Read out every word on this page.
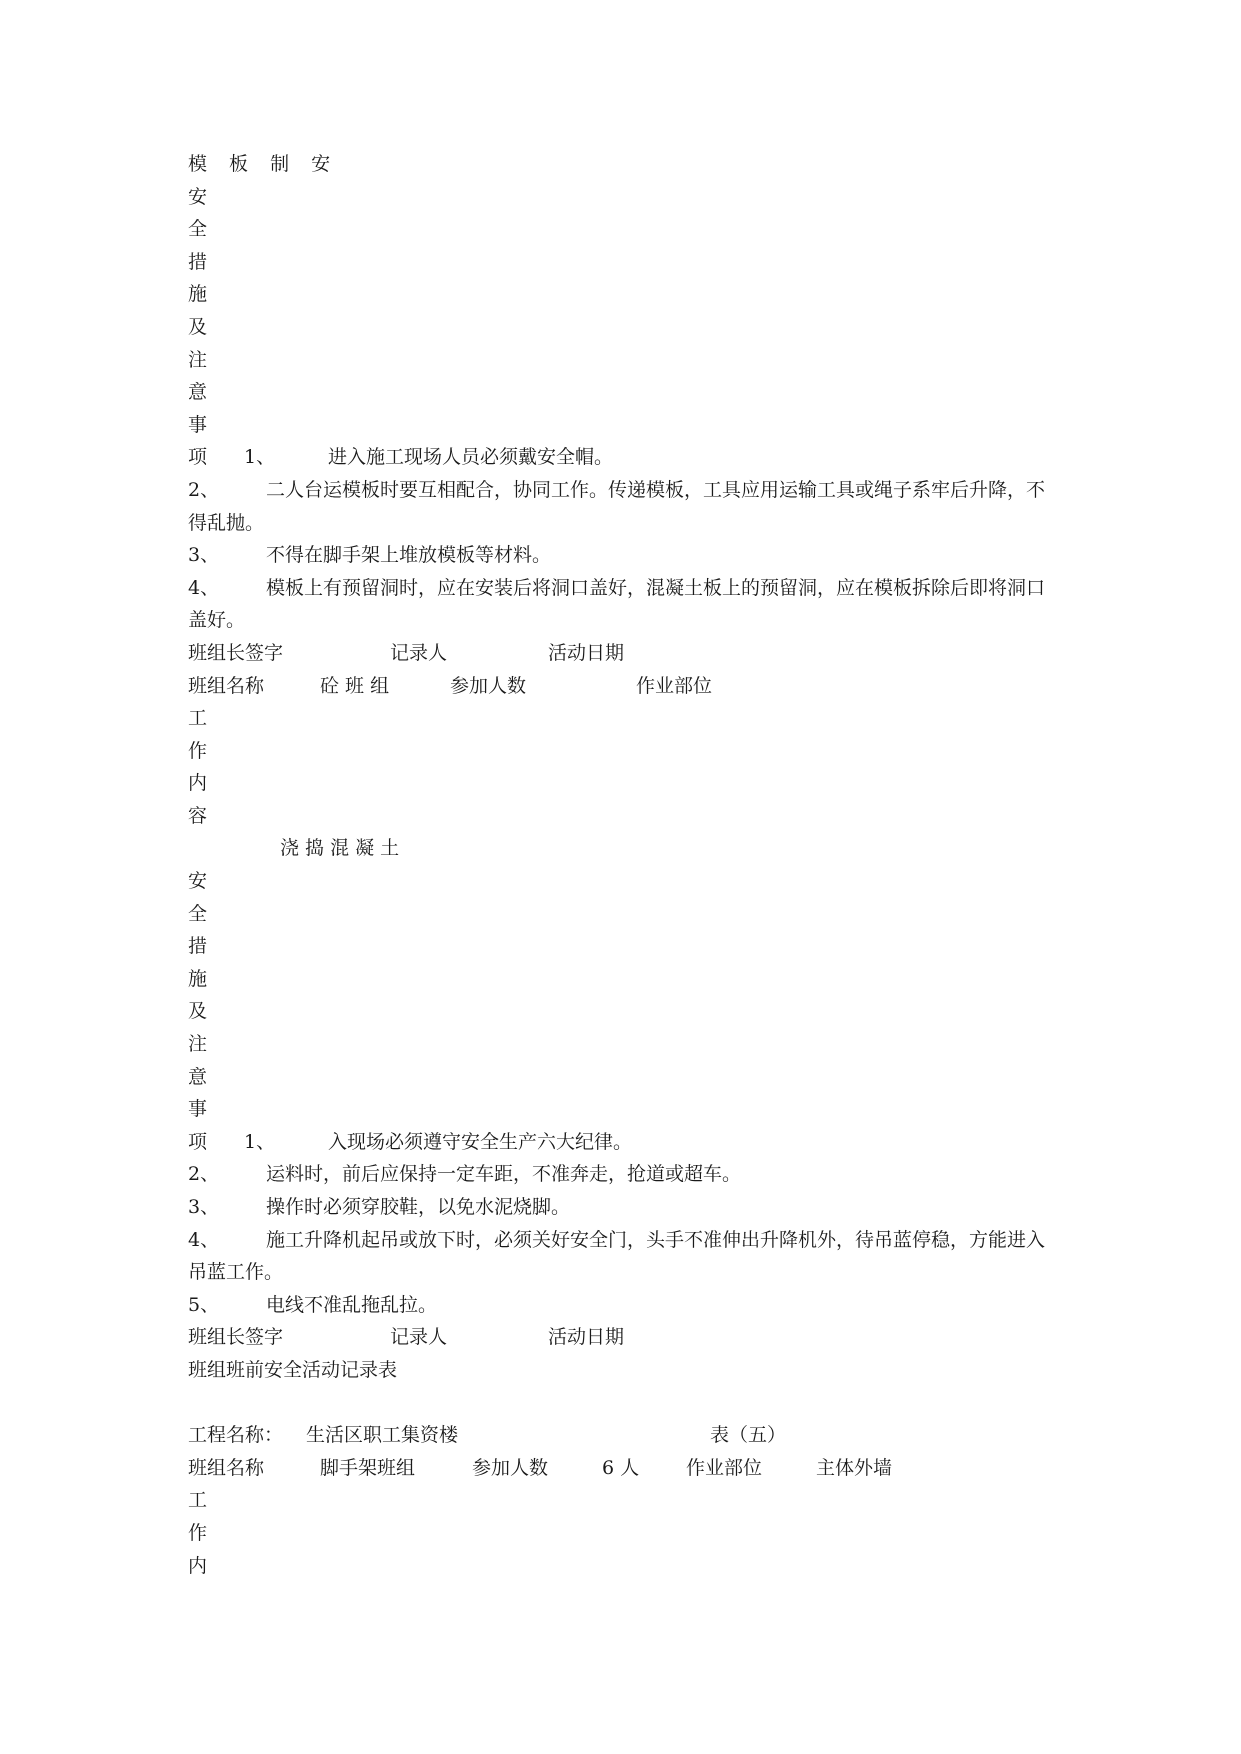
模 板 制 安
安
全
措
施
及
注
意
事
项 1、	进入施工现场人员必须戴安全帽。
2、 二人台运模板时要互相配合，协同工作。传递模板，工具应用运输工具或绳子系牢后升降，不得乱抛。
3、 不得在脚手架上堆放模板等材料。
4、 模板上有预留洞时，应在安装后将洞口盖好，混凝土板上的预留洞，应在模板拆除后即将洞口盖好。
班组长签字	记录人	活动日期
班组名称	砼 班 组	参加人数	作业部位
工
作
内
容
浇 捣 混 凝 土
安
全
措
施
及
注
意
事
项 1、	入现场必须遵守安全生产六大纪律。
2、 运料时，前后应保持一定车距，不准奔走，抢道或超车。
3、 操作时必须穿胶鞋，以免水泥烧脚。
4、 施工升降机起吊或放下时，必须关好安全门，头手不准伸出升降机外，待吊蓝停稳，方能进入吊蓝工作。
5、 电线不准乱拖乱拉。
班组长签字	记录人	活动日期
班组班前安全活动记录表
工程名称： 生活区职工集资楼	表（五）
班组名称	脚手架班组	参加人数	6 人 作业部位	主体外墙
工
作
内
